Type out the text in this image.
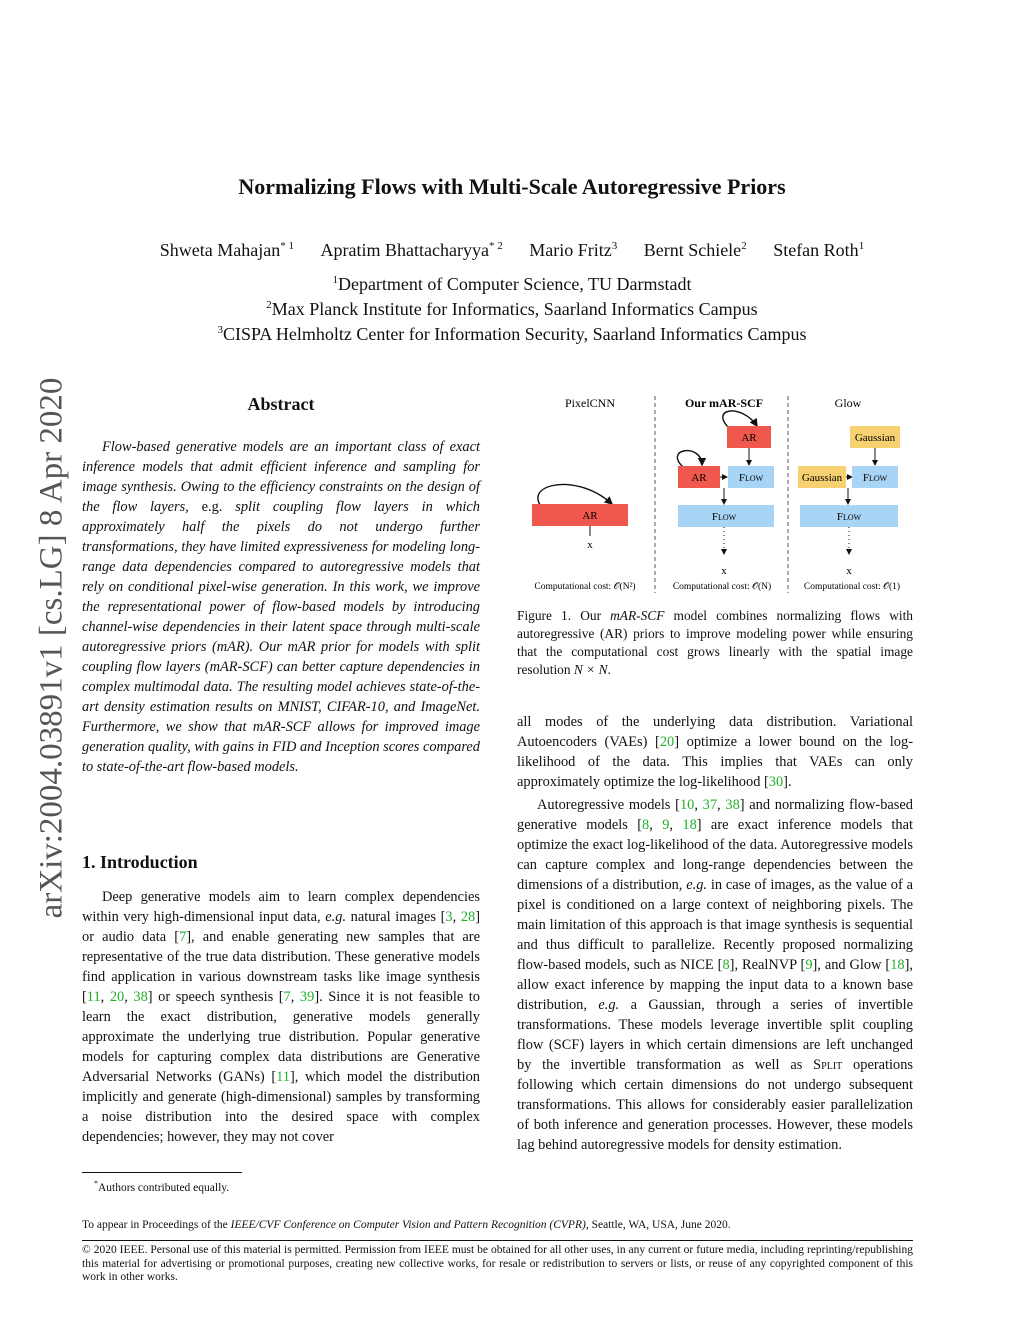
Normalizing Flows with Multi-Scale Autoregressive Priors
Shweta Mahajan$^{* 1}$ Apratim Bhattacharyya$^{* 2}$ Mario Fritz$^3$ Bernt Schiele$^2$ Stefan Roth$^1$
$^1$Department of Computer Science, TU Darmstadt
$^2$Max Planck Institute for Informatics, Saarland Informatics Campus
$^3$CISPA Helmholtz Center for Information Security, Saarland Informatics Campus
arXiv:2004.03891v1 [cs.LG] 8 Apr 2020	Abstract
Flow-based generative models are an important class of exact inference models that admit efficient inference and sampling for image synthesis. Owing to the efficiency constraints on the design of the flow layers, e.g. split coupling flow layers in which approximately half the pixels do not undergo further transformations, they have limited expressiveness for modeling long-range data dependencies compared to autoregressive models that rely on conditional pixel-wise generation. In this work, we improve the representational power of flow-based models by introducing channel-wise dependencies in their latent space through multi-scale autoregressive priors (mAR). Our mAR prior for models with split coupling flow layers (mAR-SCF) can better capture dependencies in complex multimodal data. The resulting model achieves state-of-the-art density estimation results on MNIST, CIFAR-10, and ImageNet. Furthermore, we show that mAR-SCF allows for improved image generation quality, with gains in FID and Inception scores compared to state-of-the-art flow-based models.
1. Introduction
Deep generative models aim to learn complex dependencies within very high-dimensional input data, e.g. natural images [3, 28] or audio data [7], and enable generating new samples that are representative of the true data distribution. These generative models find application in various downstream tasks like image synthesis [11, 20, 38] or speech synthesis [7, 39]. Since it is not feasible to learn the exact distribution, generative models generally approximate the underlying true distribution. Popular generative models for capturing complex data distributions are Generative Adversarial Networks (GANs) [11], which model the distribution implicitly and generate (high-dimensional) samples by transforming a noise distribution into the desired space with complex dependencies; however, they may not cover
*Authors contributed equally.
PixelCNN	Our mAR-SCF	Glow
AR
x
AR
AR	Flow
Flow
x
Gaussian
Gaussian Flow
Flow
x
Computational cost: 𝒪(N²)	Computational cost: 𝒪(N)	Computational cost: 𝒪(1)
Figure 1. Our mAR-SCF model combines normalizing flows with autoregressive (AR) priors to improve modeling power while ensuring that the computational cost grows linearly with the spatial image resolution N × N.
all modes of the underlying data distribution. Variational Autoencoders (VAEs) [20] optimize a lower bound on the log-likelihood of the data. This implies that VAEs can only approximately optimize the log-likelihood [30].
Autoregressive models [10, 37, 38] and normalizing flow-based generative models [8, 9, 18] are exact inference models that optimize the exact log-likelihood of the data. Autoregressive models can capture complex and long-range dependencies between the dimensions of a distribution, e.g. in case of images, as the value of a pixel is conditioned on a large context of neighboring pixels. The main limitation of this approach is that image synthesis is sequential and thus difficult to parallelize. Recently proposed normalizing flow-based models, such as NICE [8], RealNVP [9], and Glow [18], allow exact inference by mapping the input data to a known base distribution, e.g. a Gaussian, through a series of invertible transformations. These models leverage invertible split coupling flow (SCF) layers in which certain dimensions are left unchanged by the invertible transformation as well as Split operations following which certain dimensions do not undergo subsequent transformations. This allows for considerably easier parallelization of both inference and generation processes. However, these models lag behind autoregressive models for density estimation.
To appear in Proceedings of the IEEE/CVF Conference on Computer Vision and Pattern Recognition (CVPR), Seattle, WA, USA, June 2020.
© 2020 IEEE. Personal use of this material is permitted. Permission from IEEE must be obtained for all other uses, in any current or future media, including reprinting/republishing this material for advertising or promotional purposes, creating new collective works, for resale or redistribution to servers or lists, or reuse of any copyrighted component of this work in other works.
